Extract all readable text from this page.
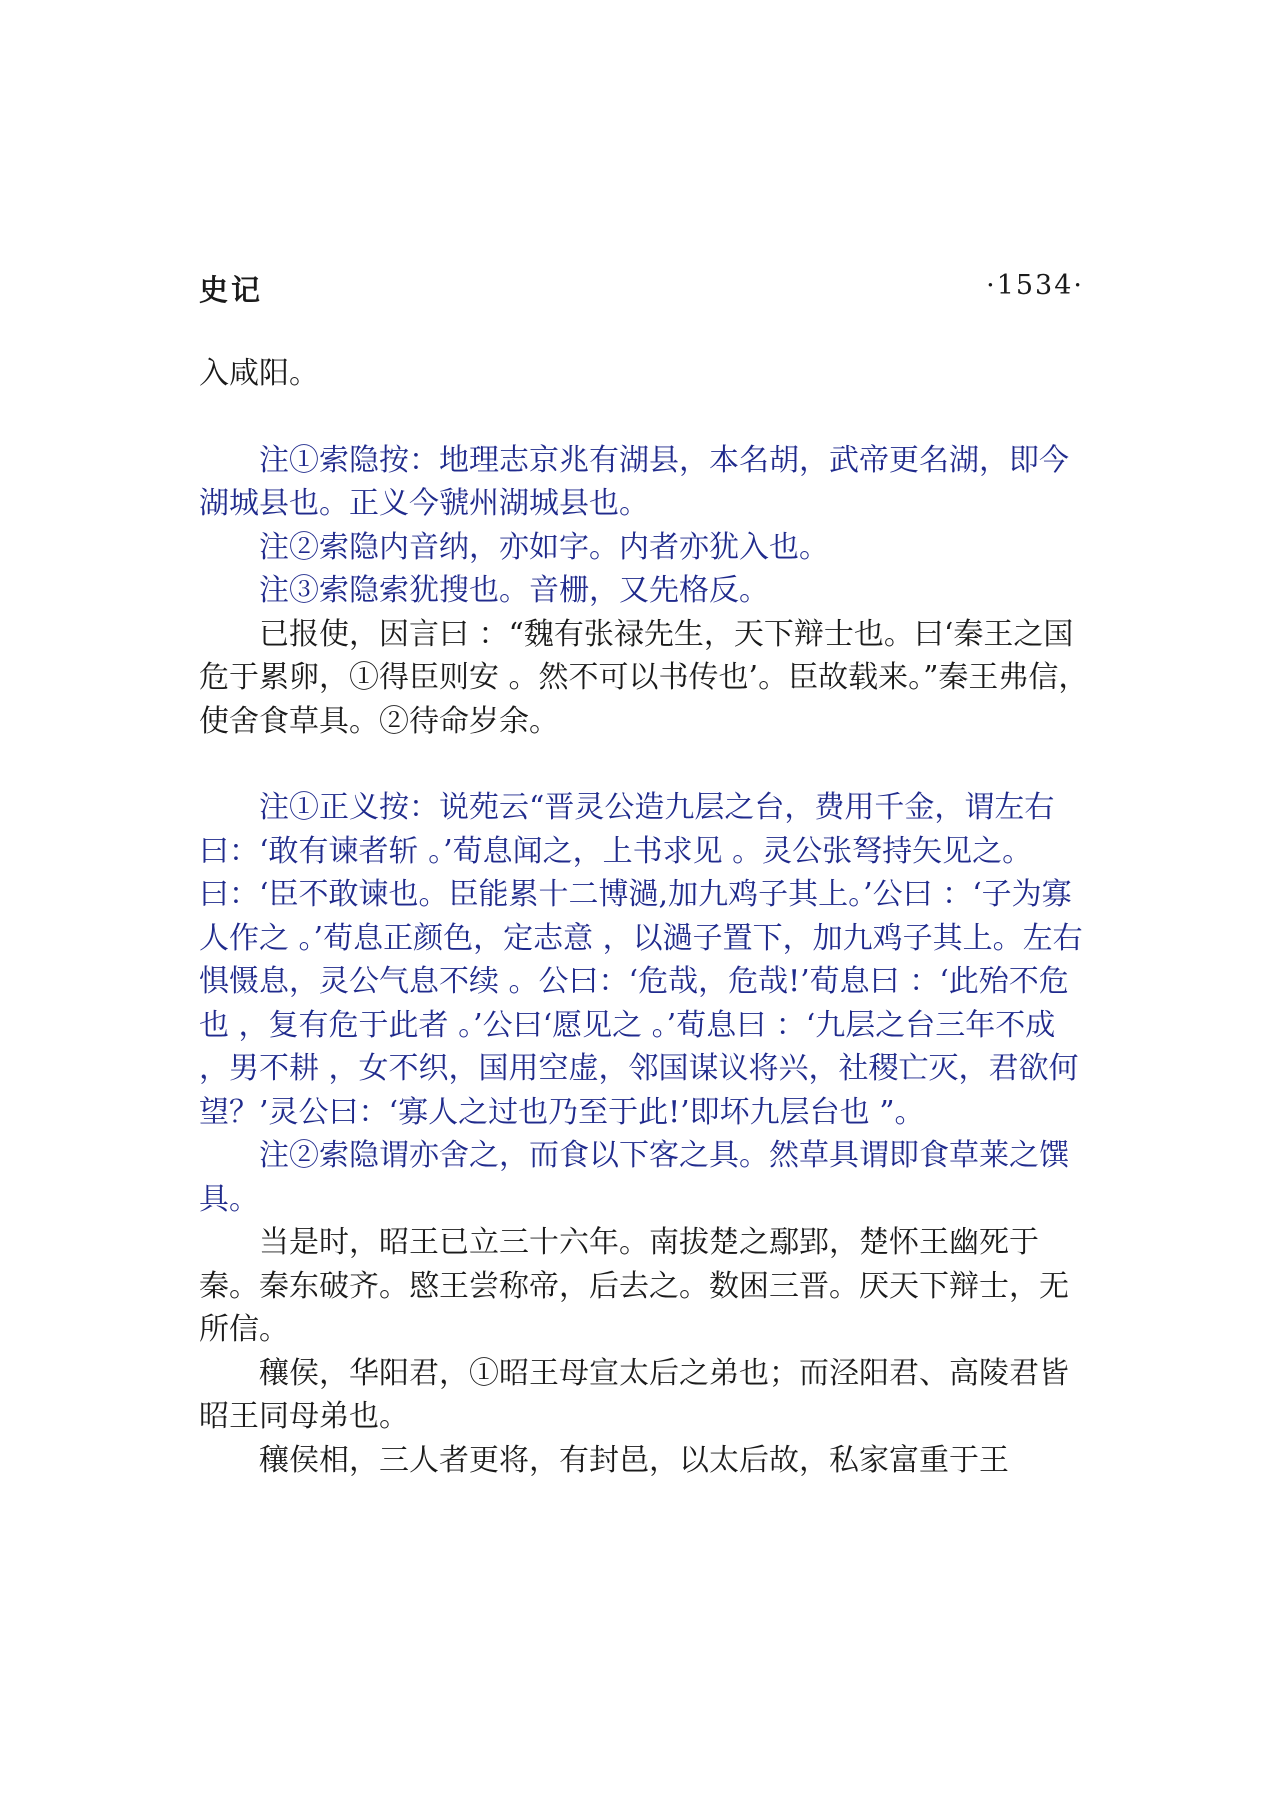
史记	·1534·

入咸阳。

注①索隐按：地理志京兆有湖县，本名胡，武帝更名湖，即今湖城县也。正义今虢州湖城县也。

注②索隐内音纳，亦如字。内者亦犹入也。

注③索隐索犹搜也。音栅，又先格反。

已报使，因言曰 ：“魏有张禄先生，天下辩士也。曰‘秦王之国危于累卵，①得臣则安 。然不可以书传也’。臣故载来。”秦王弗信，使舍食草具。②待命岁余。

注①正义按：说苑云“晋灵公造九层之台，费用千金，谓左右曰：‘敢有谏者斩 。’荀息闻之，上书求见 。灵公张弩持矢见之。曰：‘臣不敢谏也。臣能累十二博濄,加九鸡子其上。’公曰 ：‘子为寡人作之 。’荀息正颜色，定志意 ，以濄子置下，加九鸡子其上。左右惧慑息，灵公气息不续 。公曰：‘危哉，危哉!’荀息曰 ：‘此殆不危也 ，复有危于此者 。’公曰‘愿见之 。’荀息曰 ：‘九层之台三年不成 ，男不耕 ，女不织，国用空虚，邻国谋议将兴，社稷亡灭，君欲何望？’灵公曰：‘寡人之过也乃至于此!’即坏九层台也 ”。

注②索隐谓亦舍之，而食以下客之具。然草具谓即食草莱之馔具。

当是时，昭王已立三十六年。南拔楚之鄢郢，楚怀王幽死于秦。秦东破齐。愍王尝称帝，后去之。数困三晋。厌天下辩士，无所信。

穰侯，华阳君，①昭王母宣太后之弟也；而泾阳君、高陵君皆昭王同母弟也。

穰侯相，三人者更将，有封邑，以太后故，私家富重于王
